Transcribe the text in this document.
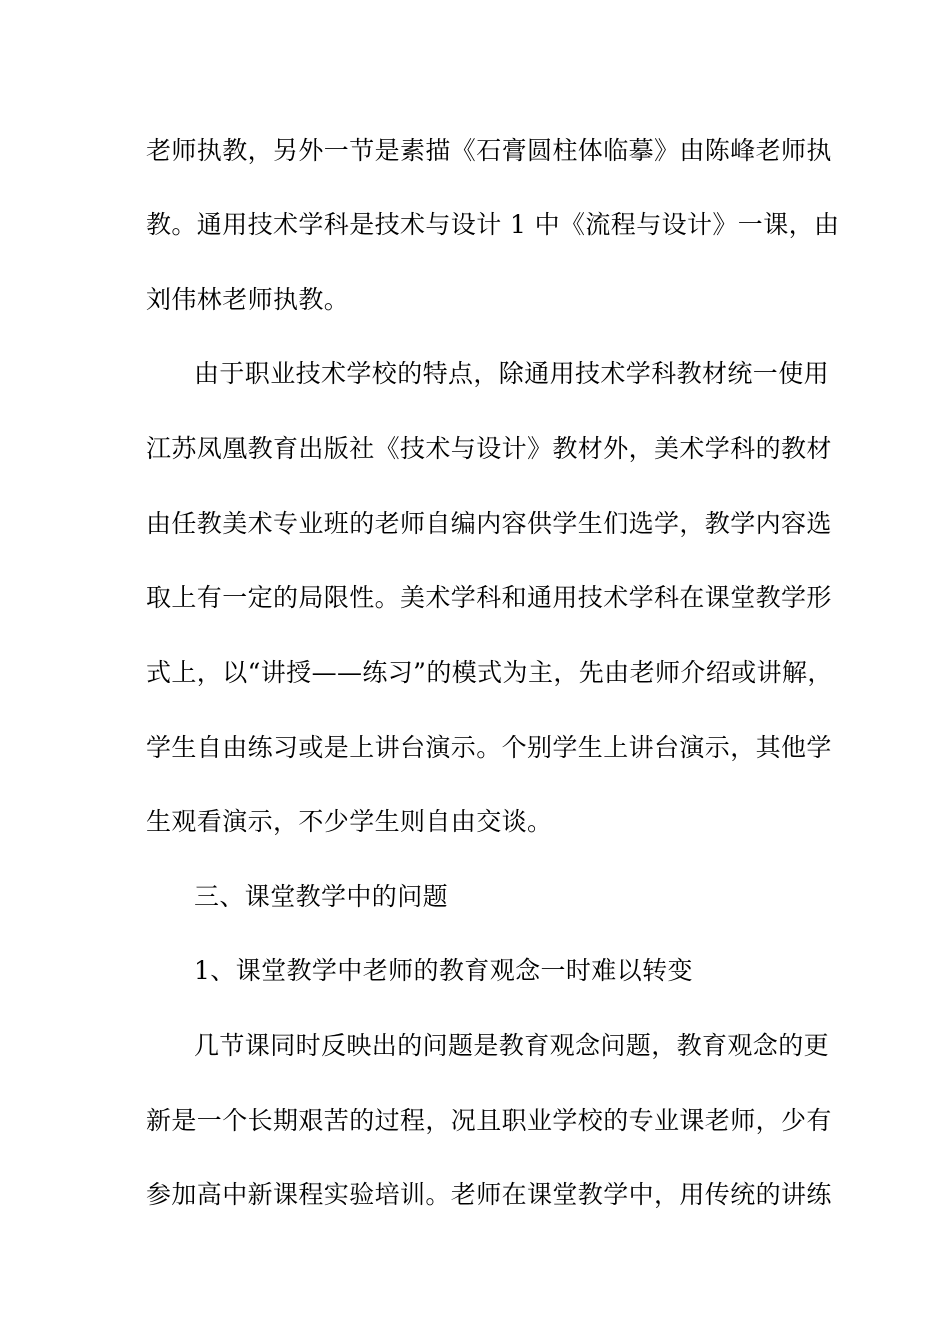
老师执教，另外一节是素描《石膏圆柱体临摹》由陈峰老师执
教。通用技术学科是技术与设计 1 中《流程与设计》一课，由
刘伟林老师执教。
由于职业技术学校的特点，除通用技术学科教材统一使用
江苏凤凰教育出版社《技术与设计》教材外，美术学科的教材
由任教美术专业班的老师自编内容供学生们选学，教学内容选
取上有一定的局限性。美术学科和通用技术学科在课堂教学形
式上，以“讲授——练习”的模式为主，先由老师介绍或讲解，
学生自由练习或是上讲台演示。个别学生上讲台演示，其他学
生观看演示，不少学生则自由交谈。
三、课堂教学中的问题
1、课堂教学中老师的教育观念一时难以转变
几节课同时反映出的问题是教育观念问题，教育观念的更
新是一个长期艰苦的过程，况且职业学校的专业课老师，少有
参加高中新课程实验培训。老师在课堂教学中，用传统的讲练
